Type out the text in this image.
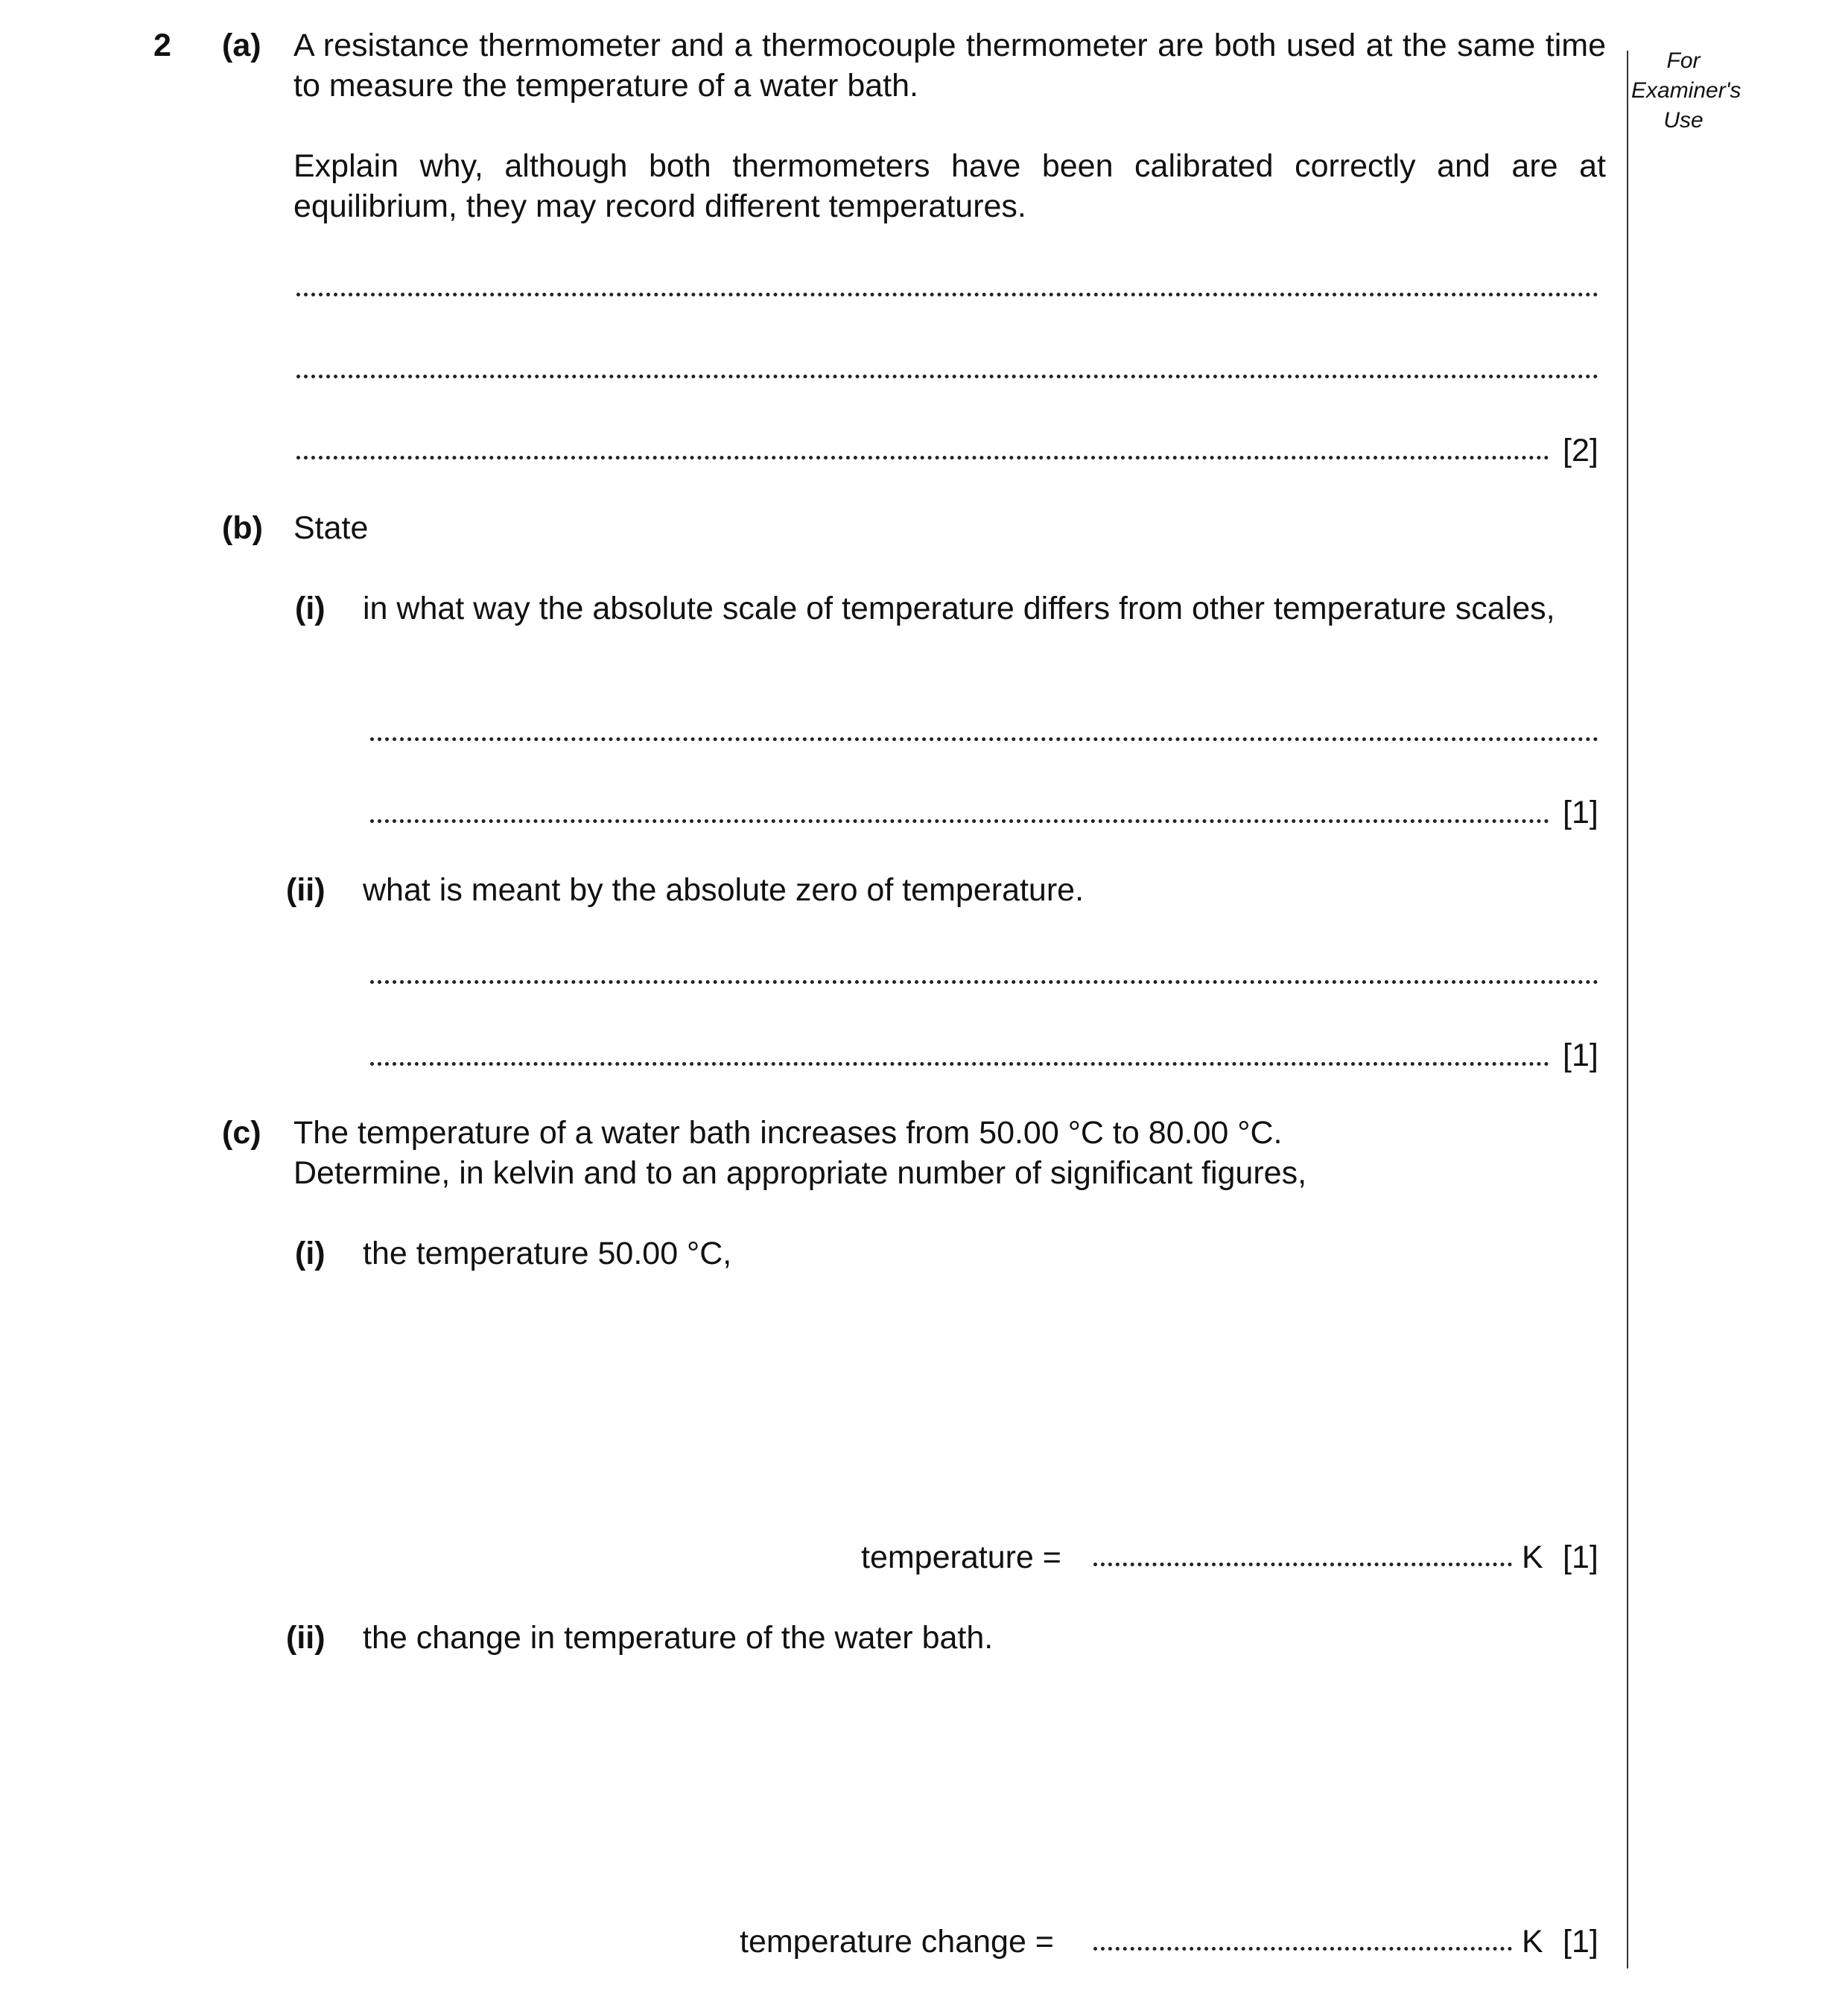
For
Examiner's
Use
2 (a) A resistance thermometer and a thermocouple thermometer are both used at the same time to measure the temperature of a water bath.
Explain why, although both thermometers have been calibrated correctly and are at equilibrium, they may record different temperatures.
[2]
(b) State
(i) in what way the absolute scale of temperature differs from other temperature scales,
[1]
(ii) what is meant by the absolute zero of temperature.
[1]
(c) The temperature of a water bath increases from 50.00 °C to 80.00 °C.
Determine, in kelvin and to an appropriate number of significant figures,
(i) the temperature 50.00 °C,
temperature =	K [1]
(ii) the change in temperature of the water bath.
temperature change =	K [1]
